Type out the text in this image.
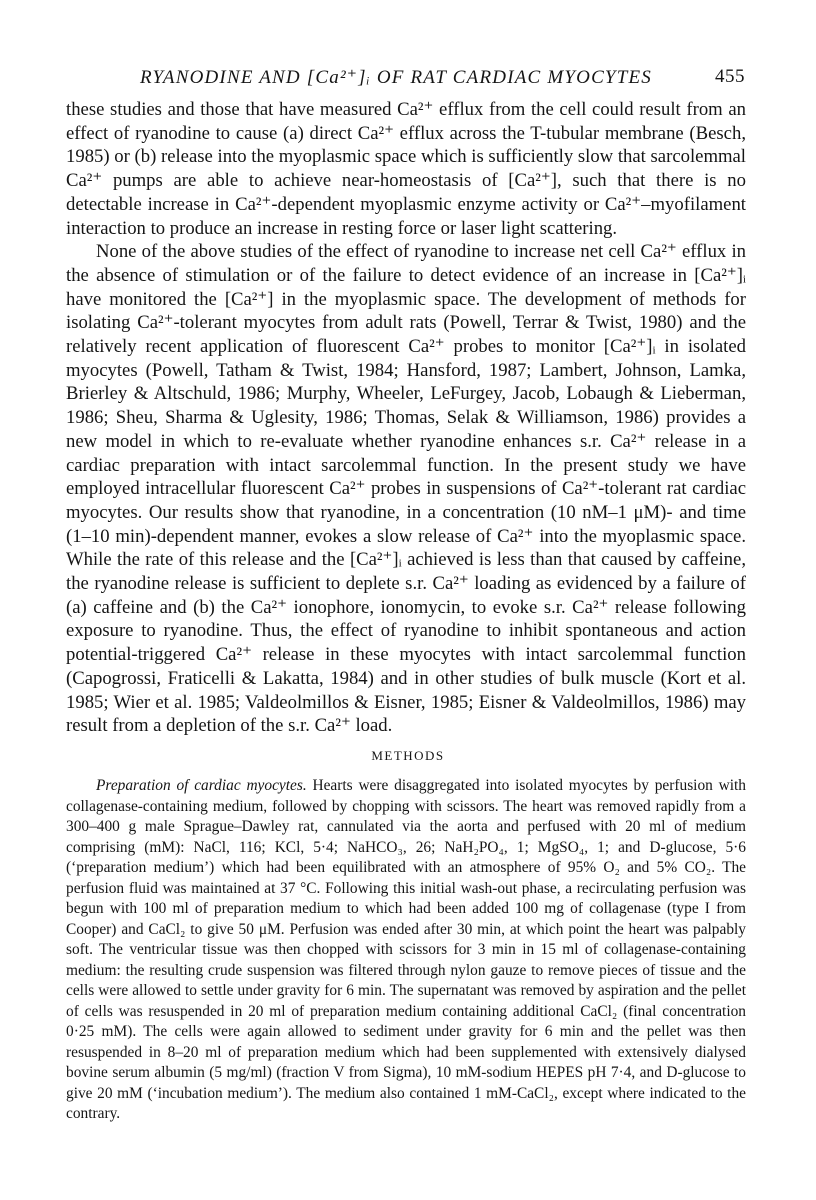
RYANODINE AND [Ca²⁺]ᵢ OF RAT CARDIAC MYOCYTES	455

these studies and those that have measured Ca²⁺ efflux from the cell could result from an effect of ryanodine to cause (a) direct Ca²⁺ efflux across the T-tubular membrane (Besch, 1985) or (b) release into the myoplasmic space which is sufficiently slow that sarcolemmal Ca²⁺ pumps are able to achieve near-homeostasis of [Ca²⁺], such that there is no detectable increase in Ca²⁺-dependent myoplasmic enzyme activity or Ca²⁺–myofilament interaction to produce an increase in resting force or laser light scattering.

None of the above studies of the effect of ryanodine to increase net cell Ca²⁺ efflux in the absence of stimulation or of the failure to detect evidence of an increase in [Ca²⁺]ᵢ have monitored the [Ca²⁺] in the myoplasmic space. The development of methods for isolating Ca²⁺-tolerant myocytes from adult rats (Powell, Terrar & Twist, 1980) and the relatively recent application of fluorescent Ca²⁺ probes to monitor [Ca²⁺]ᵢ in isolated myocytes (Powell, Tatham & Twist, 1984; Hansford, 1987; Lambert, Johnson, Lamka, Brierley & Altschuld, 1986; Murphy, Wheeler, LeFurgey, Jacob, Lobaugh & Lieberman, 1986; Sheu, Sharma & Uglesity, 1986; Thomas, Selak & Williamson, 1986) provides a new model in which to re-evaluate whether ryanodine enhances s.r. Ca²⁺ release in a cardiac preparation with intact sarcolemmal function. In the present study we have employed intracellular fluorescent Ca²⁺ probes in suspensions of Ca²⁺-tolerant rat cardiac myocytes. Our results show that ryanodine, in a concentration (10 nM–1 μM)- and time (1–10 min)-dependent manner, evokes a slow release of Ca²⁺ into the myoplasmic space. While the rate of this release and the [Ca²⁺]ᵢ achieved is less than that caused by caffeine, the ryanodine release is sufficient to deplete s.r. Ca²⁺ loading as evidenced by a failure of (a) caffeine and (b) the Ca²⁺ ionophore, ionomycin, to evoke s.r. Ca²⁺ release following exposure to ryanodine. Thus, the effect of ryanodine to inhibit spontaneous and action potential-triggered Ca²⁺ release in these myocytes with intact sarcolemmal function (Capogrossi, Fraticelli & Lakatta, 1984) and in other studies of bulk muscle (Kort et al. 1985; Wier et al. 1985; Valdeolmillos & Eisner, 1985; Eisner & Valdeolmillos, 1986) may result from a depletion of the s.r. Ca²⁺ load.

METHODS

Preparation of cardiac myocytes. Hearts were disaggregated into isolated myocytes by perfusion with collagenase-containing medium, followed by chopping with scissors. The heart was removed rapidly from a 300–400 g male Sprague–Dawley rat, cannulated via the aorta and perfused with 20 ml of medium comprising (mM): NaCl, 116; KCl, 5·4; NaHCO₃, 26; NaH₂PO₄, 1; MgSO₄, 1; and D-glucose, 5·6 (‘preparation medium’) which had been equilibrated with an atmosphere of 95% O₂ and 5% CO₂. The perfusion fluid was maintained at 37 °C. Following this initial wash-out phase, a recirculating perfusion was begun with 100 ml of preparation medium to which had been added 100 mg of collagenase (type I from Cooper) and CaCl₂ to give 50 μM. Perfusion was ended after 30 min, at which point the heart was palpably soft. The ventricular tissue was then chopped with scissors for 3 min in 15 ml of collagenase-containing medium: the resulting crude suspension was filtered through nylon gauze to remove pieces of tissue and the cells were allowed to settle under gravity for 6 min. The supernatant was removed by aspiration and the pellet of cells was resuspended in 20 ml of preparation medium containing additional CaCl₂ (final concentration 0·25 mM). The cells were again allowed to sediment under gravity for 6 min and the pellet was then resuspended in 8–20 ml of preparation medium which had been supplemented with extensively dialysed bovine serum albumin (5 mg/ml) (fraction V from Sigma), 10 mM-sodium HEPES pH 7·4, and D-glucose to give 20 mM (‘incubation medium’). The medium also contained 1 mM-CaCl₂, except where indicated to the contrary.
